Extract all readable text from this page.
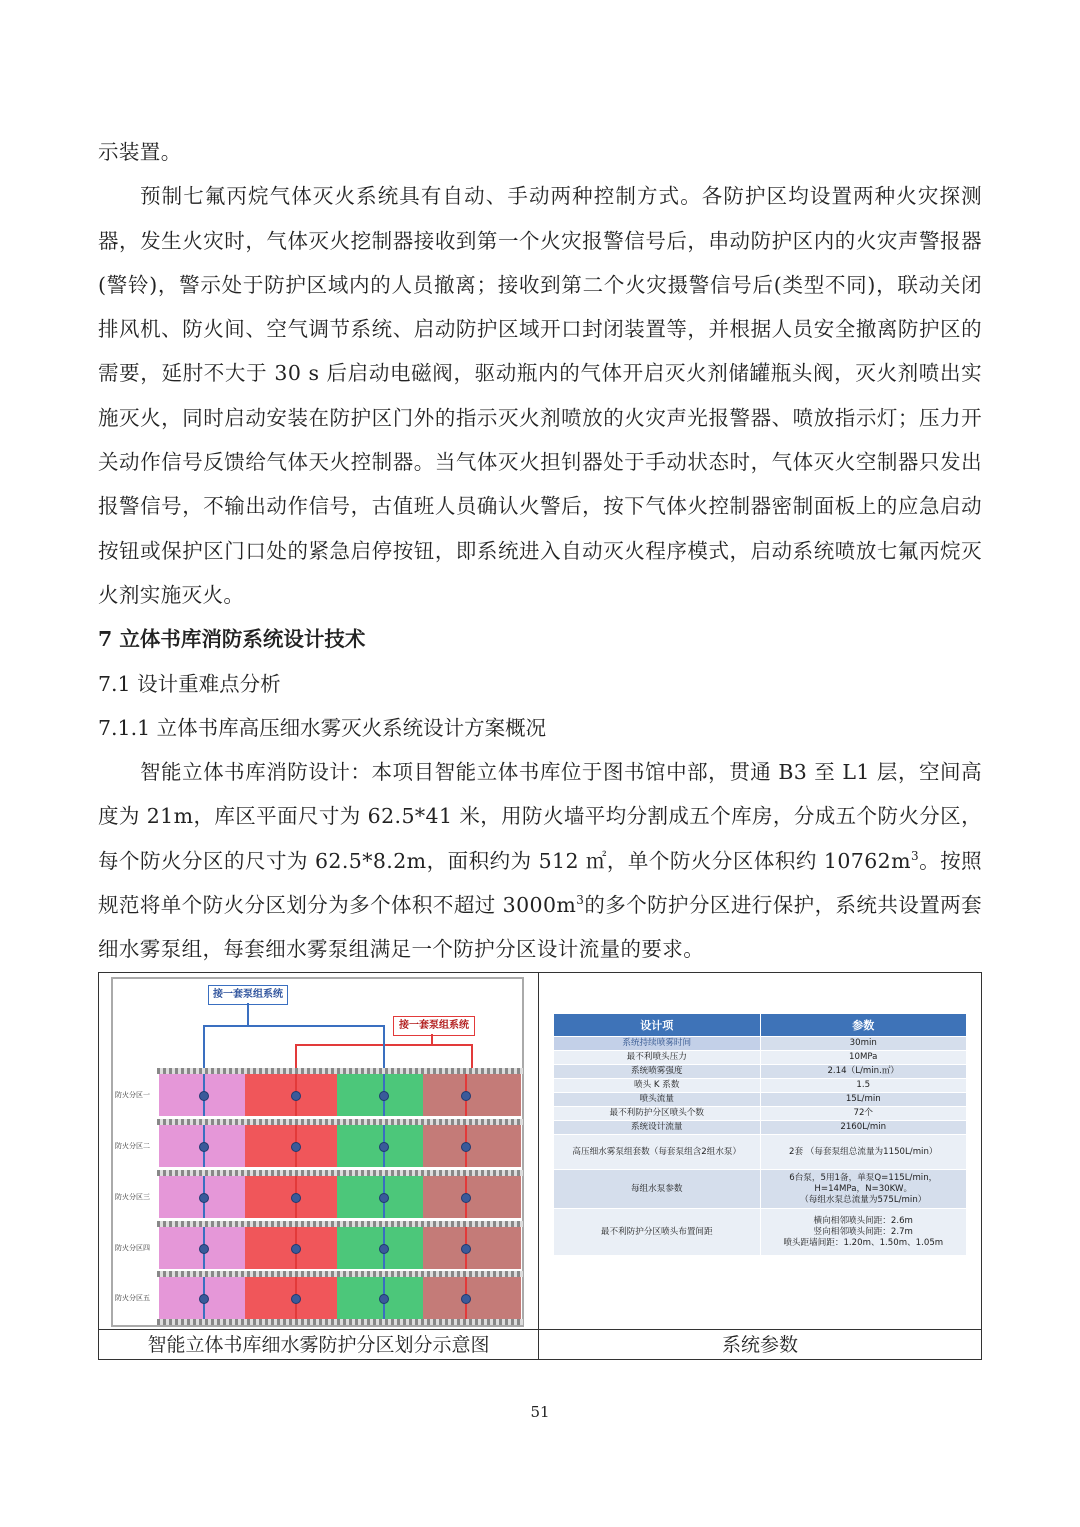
示装置。

预制七氟丙烷气体灭火系统具有自动、手动两种控制方式。各防护区均设置两种火灾探测器，发生火灾时，气体灭火挖制器接收到第一个火灾报警信号后，串动防护区内的火灾声警报器(警铃)，警示处于防护区域内的人员撤离；接收到第二个火灾摄警信号后(类型不同)，联动关闭排风机、防火间、空气调节系统、启动防护区域开口封闭装置等，并根据人员安全撤离防护区的需要，延肘不大于 30 s 后启动电磁阀，驱动瓶内的气体开启灭火剂储罐瓶头阀，灭火剂喷出实施灭火，同时启动安装在防护区门外的指示灭火剂喷放的火灾声光报警器、喷放指示灯；压力开关动作信号反馈给气体天火控制器。当气体灭火担钊器处于手动状态时，气体灭火空制器只发出报警信号，不输出动作信号，古值班人员确认火警后，按下气体火控制器密制面板上的应急启动按钮或保护区门口处的紧急启停按钮，即系统进入自动灭火程序模式，启动系统喷放七氟丙烷灭火剂实施灭火。

7 立体书库消防系统设计技术

7.1 设计重难点分析

7.1.1 立体书库高压细水雾灭火系统设计方案概况

智能立体书库消防设计：本项目智能立体书库位于图书馆中部，贯通 B3 至 L1 层，空间高度为 21m，库区平面尺寸为 62.5*41 米，用防火墙平均分割成五个库房，分成五个防火分区，每个防火分区的尺寸为 62.5*8.2m，面积约为 512 ㎡，单个防火分区体积约 $10762m^3$。按照规范将单个防火分区划分为多个体积不超过 $3000m^3$的多个防护分区进行保护，系统共设置两套细水雾泵组，每套细水雾泵组满足一个防护分区设计流量的要求。

接一套泵组系统
接一套泵组系统
防火分区一
防火分区二
防火分区三
防火分区四
防火分区五
设计项	参数
系统持续喷雾时间	30min
最不利喷头压力	10MPa
系统喷雾强度	2.14（L/min.㎡）
喷头 K 系数	1.5
喷头流量	15L/min
最不利防护分区喷头个数	72个
系统设计流量	2160L/min
高压细水雾泵组套数（每套泵组含2组水泵）	2套 （每套泵组总流量为1150L/min）
每组水泵参数	6台泵，5用1备，单泵Q=115L/min，
H=14MPa，N=30KW。
（每组水泵总流量为575L/min）
最不利防护分区喷头布置间距	横向相邻喷头间距：2.6m
竖向相邻喷头间距：2.7m
喷头距墙间距：1.20m、1.50m、1.05m
智能立体书库细水雾防护分区划分示意图	系统参数
51
